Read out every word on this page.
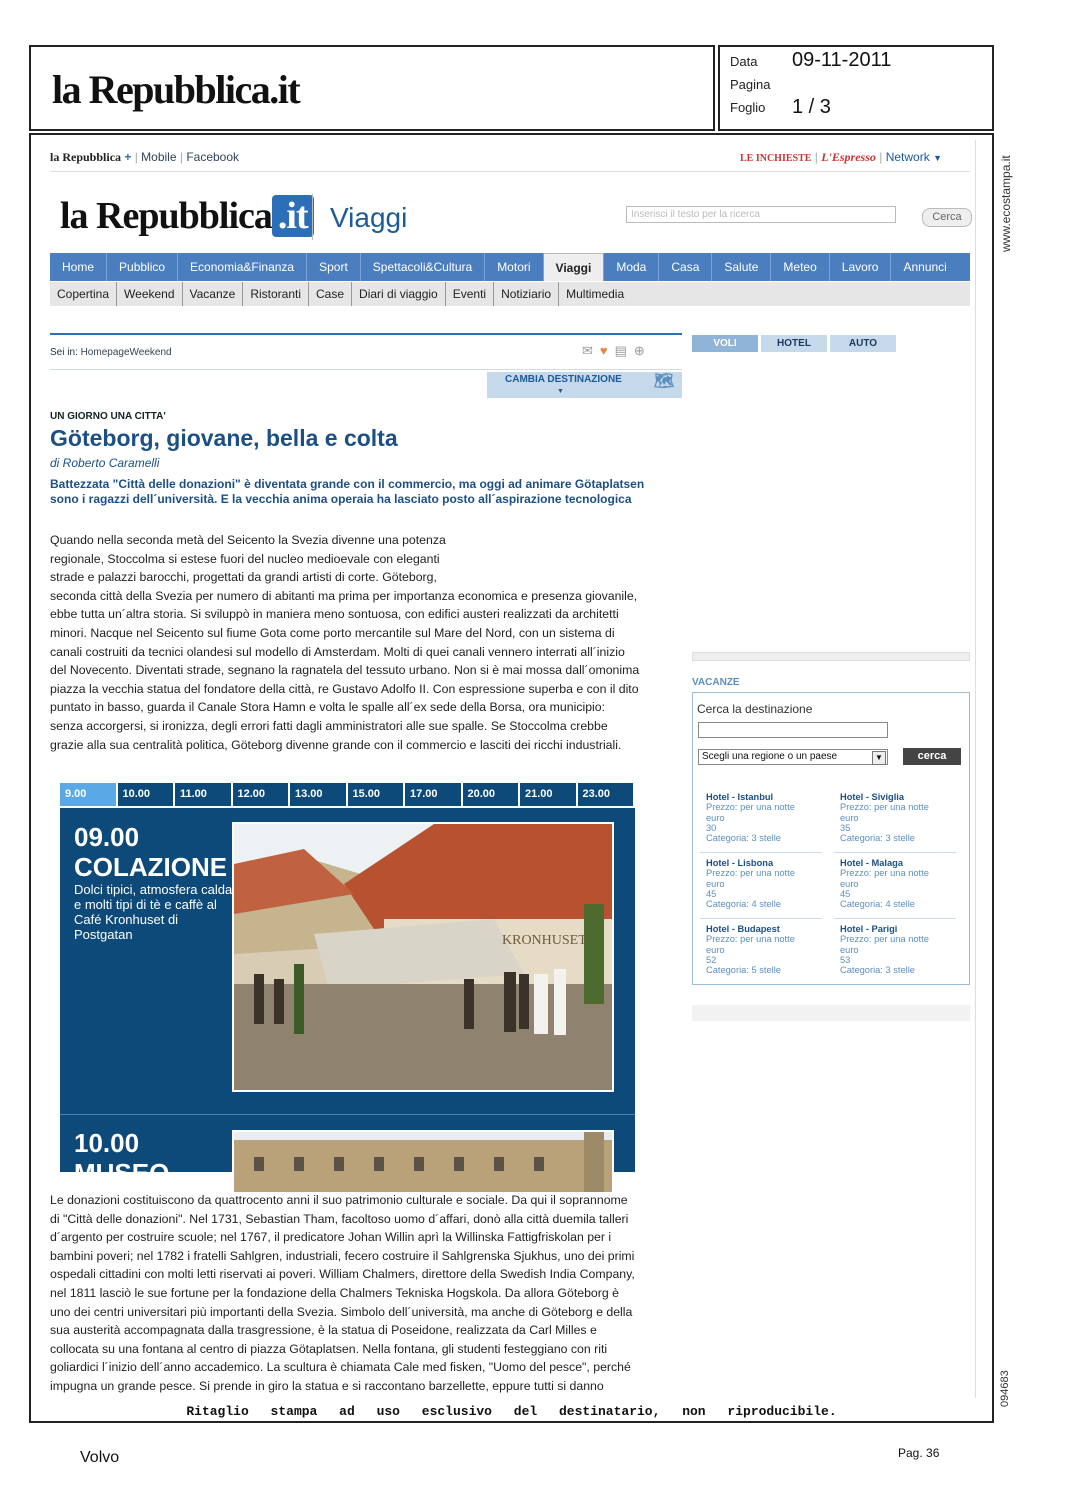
la Repubblica.it
Data 09-11-2011
Pagina
Foglio 1 / 3
www.ecostampa.it
094683
Ritaglio stampa ad uso esclusivo del destinatario, non riproducibile.
Volvo	Pag. 36
la Repubblica + | Mobile | Facebook	LE INCHIESTE | L'Espresso | Network ▼
la Repubblica .it Viaggi	Inserisci il testo per la ricerca	Cerca
Home	Pubblico	Economia&Finanza	Sport	Spettacoli&Cultura	Motori	Viaggi	Moda	Casa	Salute	Meteo	Lavoro	Annunci
Copertina	Weekend	Vacanze	Ristoranti	Case	Diari di viaggio	Eventi	Notiziario	Multimedia
Sei in: HomepageWeekend	✉♥▤⊕
CAMBIA DESTINAZIONE 🗺
▼
UN GIORNO UNA CITTA'
Göteborg, giovane, bella e colta
di Roberto Caramelli
Battezzata "Città delle donazioni" è diventata grande con il commercio, ma oggi ad animare Götaplatsen sono i ragazzi dell´università. E la vecchia anima operaia ha lasciato posto all´aspirazione tecnologica
Quando nella seconda metà del Seicento la Svezia divenne una potenza
regionale, Stoccolma si estese fuori del nucleo medioevale con eleganti
strade e palazzi barocchi, progettati da grandi artisti di corte. Göteborg,
seconda città della Svezia per numero di abitanti ma prima per importanza economica e presenza giovanile,
ebbe tutta un´altra storia. Si sviluppò in maniera meno sontuosa, con edifici austeri realizzati da architetti
minori. Nacque nel Seicento sul fiume Gota come porto mercantile sul Mare del Nord, con un sistema di
canali costruiti da tecnici olandesi sul modello di Amsterdam. Molti di quei canali vennero interrati all´inizio
del Novecento. Diventati strade, segnano la ragnatela del tessuto urbano. Non si è mai mossa dall´omonima
piazza la vecchia statua del fondatore della città, re Gustavo Adolfo II. Con espressione superba e con il dito
puntato in basso, guarda il Canale Stora Hamn e volta le spalle all´ex sede della Borsa, ora municipio:
senza accorgersi, si ironizza, degli errori fatti dagli amministratori alle sue spalle. Se Stoccolma crebbe
grazie alla sua centralità politica, Göteborg divenne grande con il commercio e lasciti dei ricchi industriali.
9.00	10.00	11.00	12.00	13.00	15.00	17.00	20.00	21.00	23.00
09.00
COLAZIONE
Dolci tipici, atmosfera calda e molti tipi di tè e caffè al Café Kronhuset di Postgatan	KRONHUSET
10.00
MUSEO
Le donazioni costituiscono da quattrocento anni il suo patrimonio culturale e sociale. Da qui il soprannome
di "Città delle donazioni". Nel 1731, Sebastian Tham, facoltoso uomo d´affari, donò alla città duemila talleri
d´argento per costruire scuole; nel 1767, il predicatore Johan Willin aprì la Willinska Fattigfriskolan per i
bambini poveri; nel 1782 i fratelli Sahlgren, industriali, fecero costruire il Sahlgrenska Sjukhus, uno dei primi
ospedali cittadini con molti letti riservati ai poveri. William Chalmers, direttore della Swedish India Company,
nel 1811 lasciò le sue fortune per la fondazione della Chalmers Tekniska Hogskola. Da allora Göteborg è
uno dei centri universitari più importanti della Svezia. Simbolo dell´università, ma anche di Göteborg e della
sua austerità accompagnata dalla trasgressione, è la statua di Poseidone, realizzata da Carl Milles e
collocata su una fontana al centro di piazza Götaplatsen. Nella fontana, gli studenti festeggiano con riti
goliardici l´inizio dell´anno accademico. La scultura è chiamata Cale med fisken, "Uomo del pesce", perché
impugna un grande pesce. Si prende in giro la statua e si raccontano barzellette, eppure tutti si danno
VOLI	HOTEL	AUTO
VACANZE
Cerca la destinazione
Scegli una regione o un paese	▼	cerca
Hotel - Istanbul
Prezzo: per una notte
euro
30
Categoria: 3 stelle
Hotel - Siviglia
Prezzo: per una notte
euro
35
Categoria: 3 stelle
Hotel - Lisbona
Prezzo: per una notte
euro
45
Categoria: 4 stelle
Hotel - Malaga
Prezzo: per una notte
euro
45
Categoria: 4 stelle
Hotel - Budapest
Prezzo: per una notte
euro
52
Categoria: 5 stelle
Hotel - Parigi
Prezzo: per una notte
euro
53
Categoria: 3 stelle
